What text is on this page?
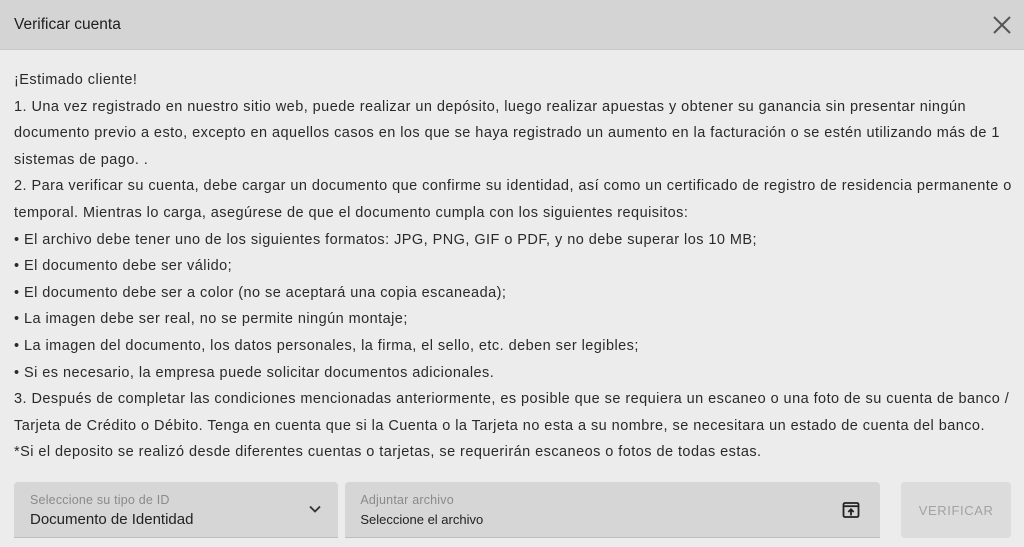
Verificar cuenta

¡Estimado cliente!

1. Una vez registrado en nuestro sitio web, puede realizar un depósito, luego realizar apuestas y obtener su ganancia sin presentar ningún

documento previo a esto, excepto en aquellos casos en los que se haya registrado un aumento en la facturación o se estén utilizando más de 1

sistemas de pago. .

2. Para verificar su cuenta, debe cargar un documento que confirme su identidad, así como un certificado de registro de residencia permanente o

temporal. Mientras lo carga, asegúrese de que el documento cumpla con los siguientes requisitos:

• El archivo debe tener uno de los siguientes formatos: JPG, PNG, GIF o PDF, y no debe superar los 10 MB;

• El documento debe ser válido;

• El documento debe ser a color (no se aceptará una copia escaneada);

• La imagen debe ser real, no se permite ningún montaje;

• La imagen del documento, los datos personales, la firma, el sello, etc. deben ser legibles;

• Si es necesario, la empresa puede solicitar documentos adicionales.

3. Después de completar las condiciones mencionadas anteriormente, es posible que se requiera un escaneo o una foto de su cuenta de banco /

Tarjeta de Crédito o Débito. Tenga en cuenta que si la Cuenta o la Tarjeta no esta a su nombre, se necesitara un estado de cuenta del banco.

*Si el deposito se realizó desde diferentes cuentas o tarjetas, se requerirán escaneos o fotos de todas estas.

Seleccione su tipo de ID
Documento de Identidad
Adjuntar archivo
Seleccione el archivo
VERIFICAR
